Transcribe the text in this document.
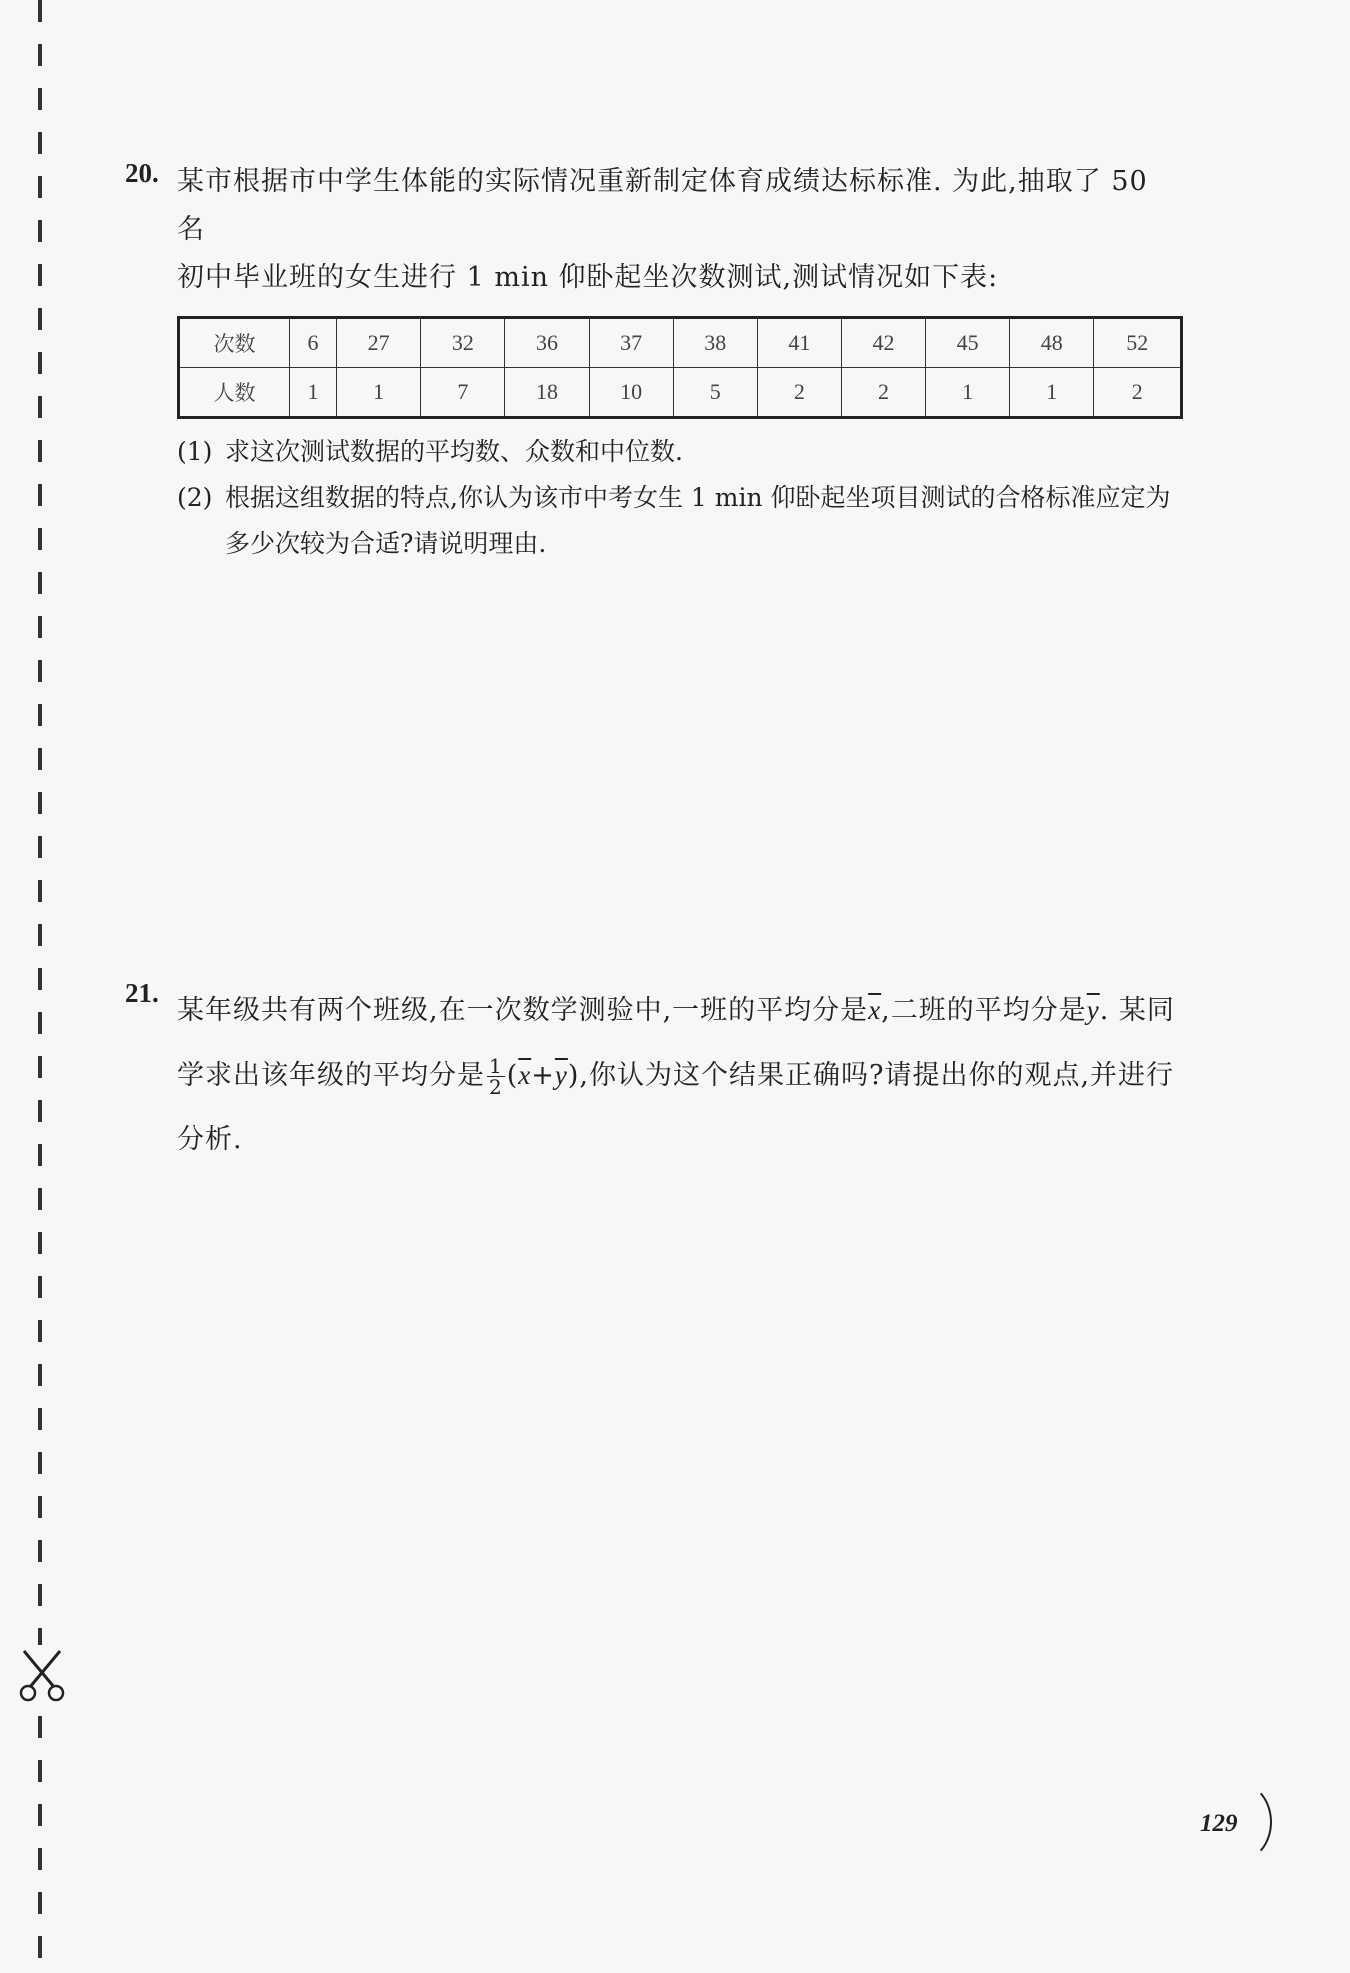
20. 某市根据市中学生体能的实际情况重新制定体育成绩达标标准. 为此,抽取了 50 名
初中毕业班的女生进行 1 min 仰卧起坐次数测试,测试情况如下表:
次数	6	27	32	36	37	38	41	42	45	48	52
人数	1	1	7	18	10	5	2	2	1	1	2
(1) 求这次测试数据的平均数、众数和中位数.
(2) 根据这组数据的特点,你认为该市中考女生 1 min 仰卧起坐项目测试的合格标准应定为多少次较为合适?请说明理由.
21.
某年级共有两个班级,在一次数学测验中,一班的平均分是$\overline{x}$,二班的平均分是$\overline{y}$. 某同学求出该年级的平均分是 $\frac{1}{2} (\overline{x}+\overline{y})$,你认为这个结果正确吗?请提出你的观点,并进行分析.
129
